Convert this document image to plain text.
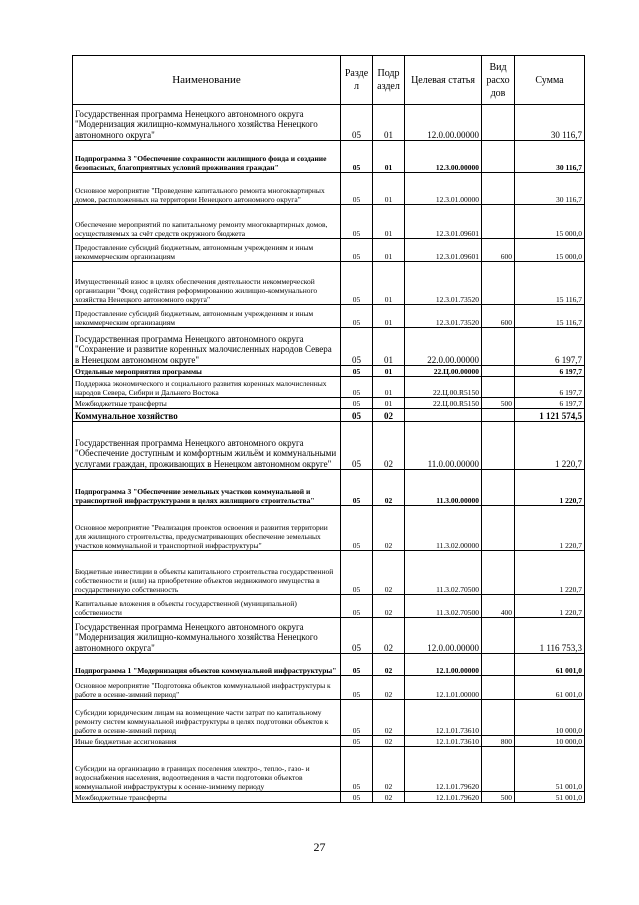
Наименование	Разде л	Подр аздел	Целевая статья	Вид расхо дов	Сумма
Государственная программа Ненецкого автономного округа "Модернизация жилищно-коммунального хозяйства Ненецкого автономного округа"	05	01	12.0.00.00000		30 116,7
Подпрограмма 3 "Обеспечение сохранности жилищного фонда и создание безопасных, благоприятных условий проживания граждан"	05	01	12.3.00.00000		30 116,7
Основное мероприятие "Проведение капитального ремонта многоквартирных домов, расположенных на территории Ненецкого автономного округа"	05	01	12.3.01.00000		30 116,7
Обеспечение мероприятий по капитальному ремонту многоквартирных домов, осуществляемых за счёт средств окружного бюджета	05	01	12.3.01.09601		15 000,0
Предоставление субсидий бюджетным, автономным учреждениям и иным некоммерческим организациям	05	01	12.3.01.09601	600	15 000,0
Имущественный взнос в целях обеспечения деятельности некоммерческой организации "Фонд содействия реформированию жилищно-коммунального хозяйства Ненецкого автономного округа"	05	01	12.3.01.73520		15 116,7
Предоставление субсидий бюджетным, автономным учреждениям и иным некоммерческим организациям	05	01	12.3.01.73520	600	15 116,7
Государственная программа Ненецкого автономного округа "Сохранение и развитие коренных малочисленных народов Севера в Ненецком автономном округе"	05	01	22.0.00.00000		6 197,7
Отдельные мероприятия программы	05	01	22.Ц.00.00000		6 197,7
Поддержка экономического и социального развития коренных малочисленных народов Севера, Сибири и Дальнего Востока	05	01	22.Ц.00.R5150		6 197,7
Межбюджетные трансферты	05	01	22.Ц.00.R5150	500	6 197,7
Коммунальное хозяйство	05	02			1 121 574,5
Государственная программа Ненецкого автономного округа "Обеспечение доступным и комфортным жильём и коммунальными услугами граждан, проживающих в Ненецком автономном округе"	05	02	11.0.00.00000		1 220,7
Подпрограмма 3 "Обеспечение земельных участков коммунальной и транспортной инфраструктурами в целях жилищного строительства"	05	02	11.3.00.00000		1 220,7
Основное мероприятие "Реализация проектов освоения и развития территории для жилищного строительства, предусматривающих обеспечение земельных участков коммунальной и транспортной инфраструктуры"	05	02	11.3.02.00000		1 220,7
Бюджетные инвестиции в объекты капитального строительства государственной собственности и (или) на приобретение объектов недвижимого имущества в государственную собственность	05	02	11.3.02.70500		1 220,7
Капитальные вложения в объекты государственной (муниципальной) собственности	05	02	11.3.02.70500	400	1 220,7
Государственная программа Ненецкого автономного округа "Модернизация жилищно-коммунального хозяйства Ненецкого автономного округа"	05	02	12.0.00.00000		1 116 753,3
Подпрограмма 1 "Модернизация объектов коммунальной инфраструктуры"	05	02	12.1.00.00000		61 001,0
Основное мероприятие "Подготовка объектов коммунальной инфраструктуры к работе в осенне-зимний период"	05	02	12.1.01.00000		61 001,0
Субсидии юридическим лицам на возмещение части затрат по капитальному ремонту систем коммунальной инфраструктуры в целях подготовки объектов к работе в осенне-зимний период	05	02	12.1.01.73610		10 000,0
Иные бюджетные ассигнования	05	02	12.1.01.73610	800	10 000,0
Субсидии на организацию в границах поселения электро-, тепло-, газо- и водоснабжения населения, водоотведения в части подготовки объектов коммунальной инфраструктуры к осенне-зимнему периоду	05	02	12.1.01.79620		51 001,0
Межбюджетные трансферты	05	02	12.1.01.79620	500	51 001,0
27
